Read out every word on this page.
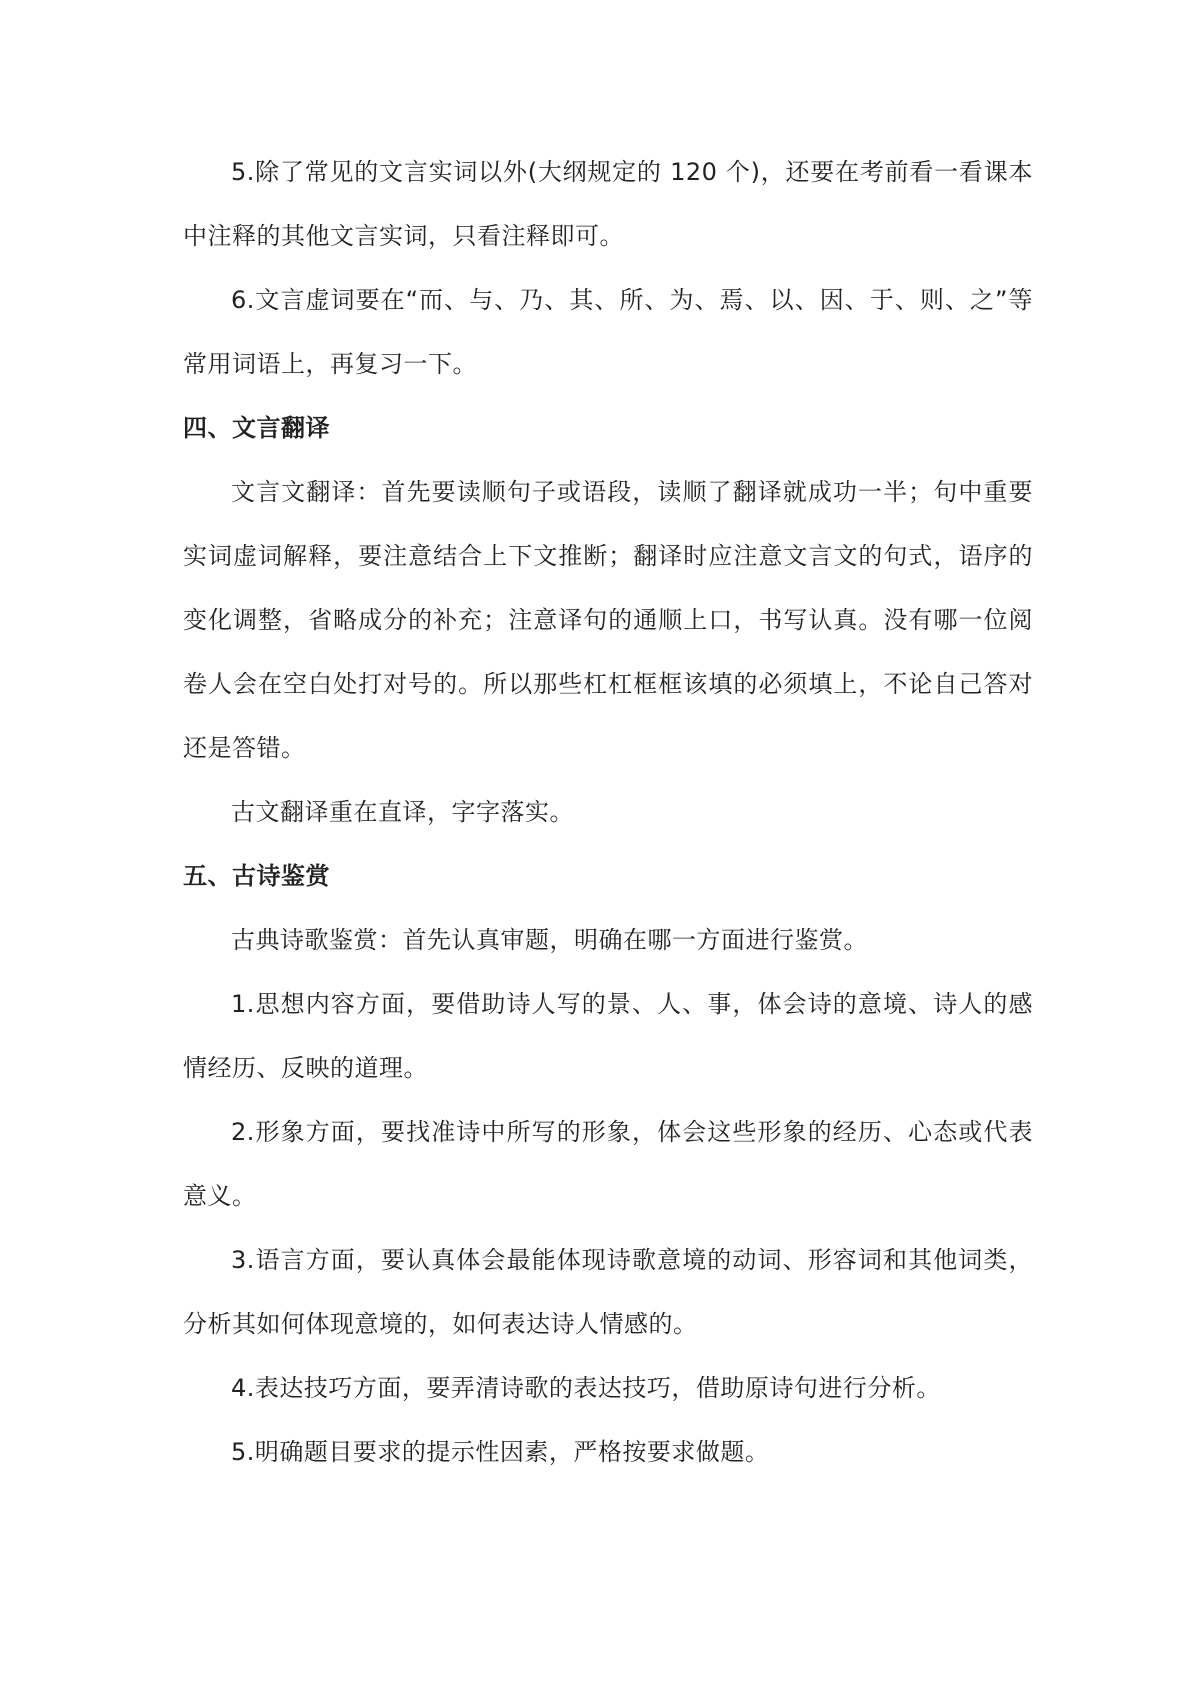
5.除了常见的文言实词以外(大纲规定的 120 个)，还要在考前看一看课本中注释的其他文言实词，只看注释即可。

6.文言虚词要在“而、与、乃、其、所、为、焉、以、因、于、则、之”等常用词语上，再复习一下。

四、文言翻译

文言文翻译：首先要读顺句子或语段，读顺了翻译就成功一半；句中重要实词虚词解释，要注意结合上下文推断；翻译时应注意文言文的句式，语序的变化调整，省略成分的补充；注意译句的通顺上口，书写认真。没有哪一位阅卷人会在空白处打对号的。所以那些杠杠框框该填的必须填上，不论自己答对还是答错。

古文翻译重在直译，字字落实。

五、古诗鉴赏

古典诗歌鉴赏：首先认真审题，明确在哪一方面进行鉴赏。

1.思想内容方面，要借助诗人写的景、人、事，体会诗的意境、诗人的感情经历、反映的道理。

2.形象方面，要找准诗中所写的形象，体会这些形象的经历、心态或代表意义。

3.语言方面，要认真体会最能体现诗歌意境的动词、形容词和其他词类，分析其如何体现意境的，如何表达诗人情感的。

4.表达技巧方面，要弄清诗歌的表达技巧，借助原诗句进行分析。

5.明确题目要求的提示性因素，严格按要求做题。
